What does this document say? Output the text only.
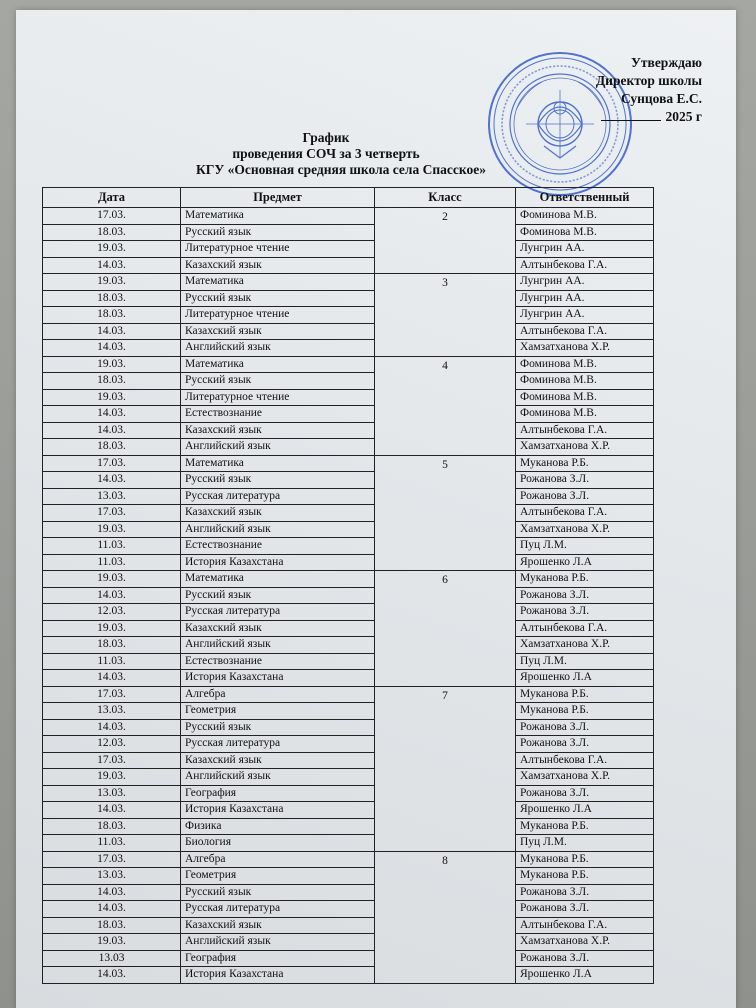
Утверждаю
Директор школы
Сунцова Е.С.
2025 г
График
проведения СОЧ за 3 четверть
КГУ «Основная средняя школа села Спасское»
Дата	Предмет	Класс	Ответственный
17.03.	Математика	2	Фоминова М.В.
18.03.	Русский язык		Фоминова М.В.
19.03.	Литературное чтение		Лунгрин АА.
14.03.	Казахский язык		Алтынбекова Г.А.
19.03.	Математика	3	Лунгрин АА.
18.03.	Русский язык		Лунгрин АА.
18.03.	Литературное чтение		Лунгрин АА.
14.03.	Казахский язык		Алтынбекова Г.А.
14.03.	Английский язык		Хамзатханова Х.Р.
19.03.	Математика	4	Фоминова М.В.
18.03.	Русский язык		Фоминова М.В.
19.03.	Литературное чтение		Фоминова М.В.
14.03.	Естествознание		Фоминова М.В.
14.03.	Казахский язык		Алтынбекова Г.А.
18.03.	Английский язык		Хамзатханова Х.Р.
17.03.	Математика	5	Муканова Р.Б.
14.03.	Русский язык		Рожанова З.Л.
13.03.	Русская литература		Рожанова З.Л.
17.03.	Казахский язык		Алтынбекова Г.А.
19.03.	Английский язык		Хамзатханова Х.Р.
11.03.	Естествознание		Пуц Л.М.
11.03.	История Казахстана		Ярошенко Л.А
19.03.	Математика	6	Муканова Р.Б.
14.03.	Русский язык		Рожанова З.Л.
12.03.	Русская литература		Рожанова З.Л.
19.03.	Казахский язык		Алтынбекова Г.А.
18.03.	Английский язык		Хамзатханова Х.Р.
11.03.	Естествознание		Пуц Л.М.
14.03.	История Казахстана		Ярошенко Л.А
17.03.	Алгебра	7	Муканова Р.Б.
13.03.	Геометрия		Муканова Р.Б.
14.03.	Русский язык		Рожанова З.Л.
12.03.	Русская литература		Рожанова З.Л.
17.03.	Казахский язык		Алтынбекова Г.А.
19.03.	Английский язык		Хамзатханова Х.Р.
13.03.	География		Рожанова З.Л.
14.03.	История Казахстана		Ярошенко Л.А
18.03.	Физика		Муканова Р.Б.
11.03.	Биология		Пуц Л.М.
17.03.	Алгебра	8	Муканова Р.Б.
13.03.	Геометрия		Муканова Р.Б.
14.03.	Русский язык		Рожанова З.Л.
14.03.	Русская литература		Рожанова З.Л.
18.03.	Казахский язык		Алтынбекова Г.А.
19.03.	Английский язык		Хамзатханова Х.Р.
13.03	География		Рожанова З.Л.
14.03.	История Казахстана		Ярошенко Л.А
